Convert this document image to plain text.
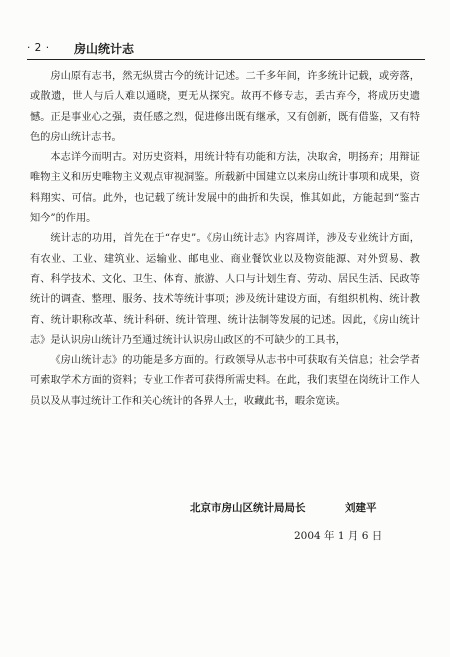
· 2 · 房山统计志

房山原有志书，然无纵贯古今的统计记述。二千多年间，许多统计记载，或旁落，或散遗，世人与后人难以通晓，更无从探究。故再不修专志，丢古弃今，将成历史遗憾。正是事业心之强，责任感之烈，促进修出既有继承，又有创新，既有借鉴，又有特色的房山统计志书。

本志详今而明古。对历史资料，用统计特有功能和方法，决取舍，明扬弃；用辩证唯物主义和历史唯物主义观点审视洞鉴。所载新中国建立以来房山统计事项和成果，资料翔实、可信。此外，也记载了统计发展中的曲折和失误，惟其如此，方能起到“鉴古知今”的作用。

统计志的功用，首先在于“存史”。《房山统计志》内容周详，涉及专业统计方面，有农业、工业、建筑业、运输业、邮电业、商业餐饮业以及物资能源、对外贸易、教育、科学技术、文化、卫生、体育、旅游、人口与计划生育、劳动、居民生活、民政等统计的调查、整理、服务、技术等统计事项；涉及统计建设方面，有组织机构、统计教育、统计职称改革、统计科研、统计管理、统计法制等发展的记述。因此，《房山统计志》是认识房山统计乃至通过统计认识房山政区的不可缺少的工具书，

《房山统计志》的功能是多方面的。行政领导从志书中可获取有关信息；社会学者可索取学术方面的资料；专业工作者可获得所需史料。在此，我们衷望在岗统计工作人员以及从事过统计工作和关心统计的各界人士，收藏此书，暇余宽读。

北京市房山区统计局局长	刘建平
2004 年 1 月 6 日
